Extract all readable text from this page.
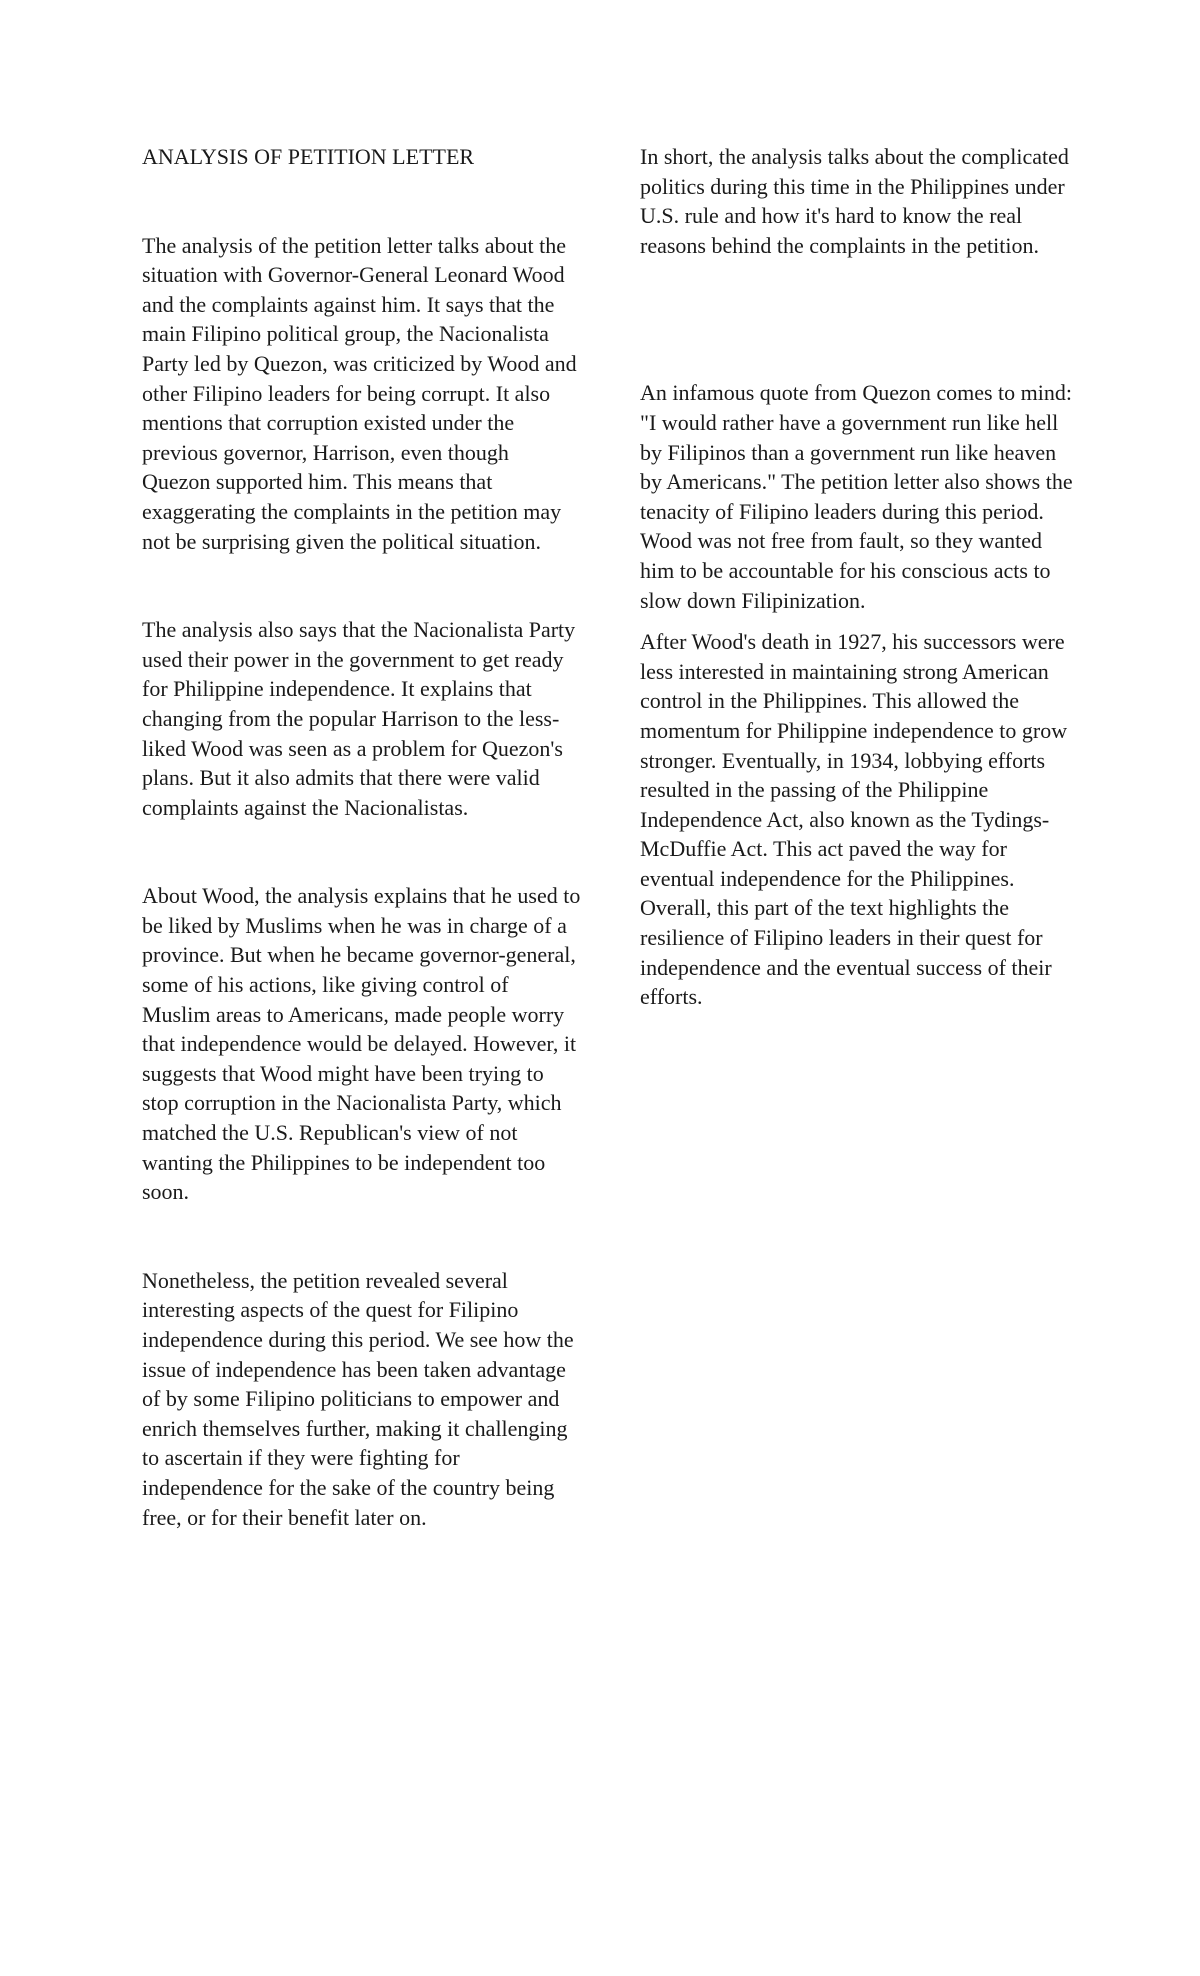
ANALYSIS OF PETITION LETTER

The analysis of the petition letter talks about the situation with Governor-General Leonard Wood and the complaints against him. It says that the main Filipino political group, the Nacionalista Party led by Quezon, was criticized by Wood and other Filipino leaders for being corrupt. It also mentions that corruption existed under the previous governor, Harrison, even though Quezon supported him. This means that exaggerating the complaints in the petition may not be surprising given the political situation.

The analysis also says that the Nacionalista Party used their power in the government to get ready for Philippine independence. It explains that changing from the popular Harrison to the less-liked Wood was seen as a problem for Quezon's plans. But it also admits that there were valid complaints against the Nacionalistas.

About Wood, the analysis explains that he used to be liked by Muslims when he was in charge of a province. But when he became governor-general, some of his actions, like giving control of Muslim areas to Americans, made people worry that independence would be delayed. However, it suggests that Wood might have been trying to stop corruption in the Nacionalista Party, which matched the U.S. Republican's view of not wanting the Philippines to be independent too soon.

Nonetheless, the petition revealed several interesting aspects of the quest for Filipino independence during this period. We see how the issue of independence has been taken advantage of by some Filipino politicians to empower and enrich themselves further, making it challenging to ascertain if they were fighting for independence for the sake of the country being free, or for their benefit later on.

In short, the analysis talks about the complicated politics during this time in the Philippines under U.S. rule and how it's hard to know the real reasons behind the complaints in the petition.

An infamous quote from Quezon comes to mind: "I would rather have a government run like hell by Filipinos than a government run like heaven by Americans." The petition letter also shows the tenacity of Filipino leaders during this period. Wood was not free from fault, so they wanted him to be accountable for his conscious acts to slow down Filipinization.

After Wood's death in 1927, his successors were less interested in maintaining strong American control in the Philippines. This allowed the momentum for Philippine independence to grow stronger. Eventually, in 1934, lobbying efforts resulted in the passing of the Philippine Independence Act, also known as the Tydings-McDuffie Act. This act paved the way for eventual independence for the Philippines. Overall, this part of the text highlights the resilience of Filipino leaders in their quest for independence and the eventual success of their efforts.
